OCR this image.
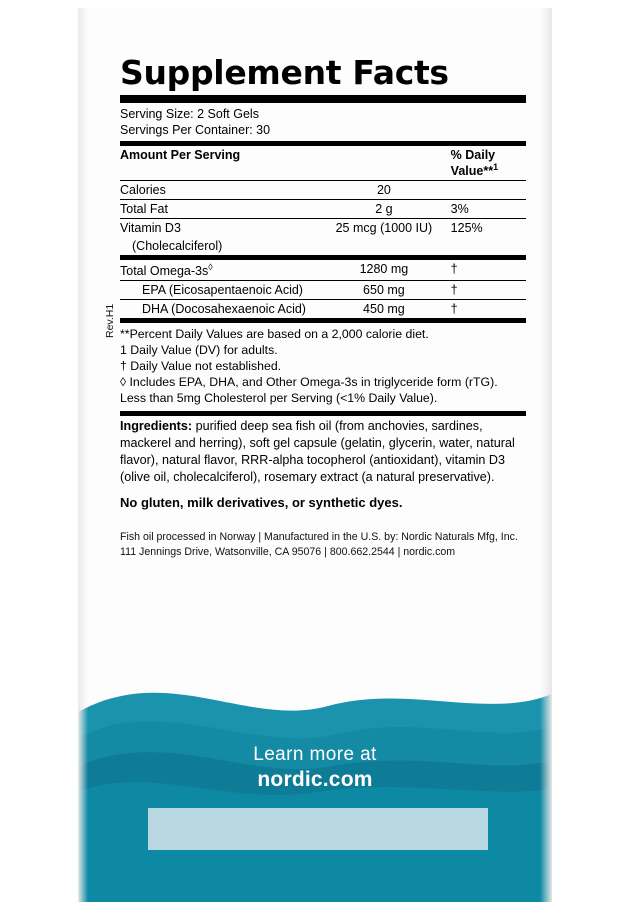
Supplement Facts
Serving Size: 2 Soft Gels
Servings Per Container: 30
Amount Per Serving		% Daily Value**$^1$
Calories	20	
Total Fat	2 g	3%
Vitamin D3	25 mcg (1000 IU)	125%
(Cholecalciferol)		
Total Omega-3s◊	1280 mg	†
EPA (Eicosapentaenoic Acid)	650 mg	†
DHA (Docosahexaenoic Acid)	450 mg	†
**Percent Daily Values are based on a 2,000 calorie diet.
1 Daily Value (DV) for adults.
† Daily Value not established.
◊ Includes EPA, DHA, and Other Omega-3s in triglyceride form (rTG).
Less than 5mg Cholesterol per Serving (<1% Daily Value).
Rev.H1
Ingredients: purified deep sea fish oil (from anchovies, sardines, mackerel and herring), soft gel capsule (gelatin, glycerin, water, natural flavor), natural flavor, RRR-alpha tocopherol (antioxidant), vitamin D3 (olive oil, cholecalciferol), rosemary extract (a natural preservative).
No gluten, milk derivatives, or synthetic dyes.
Fish oil processed in Norway | Manufactured in the U.S. by: Nordic Naturals Mfg, Inc.
111 Jennings Drive, Watsonville, CA 95076 | 800.662.2544 | nordic.com
Learn more at
nordic.com
